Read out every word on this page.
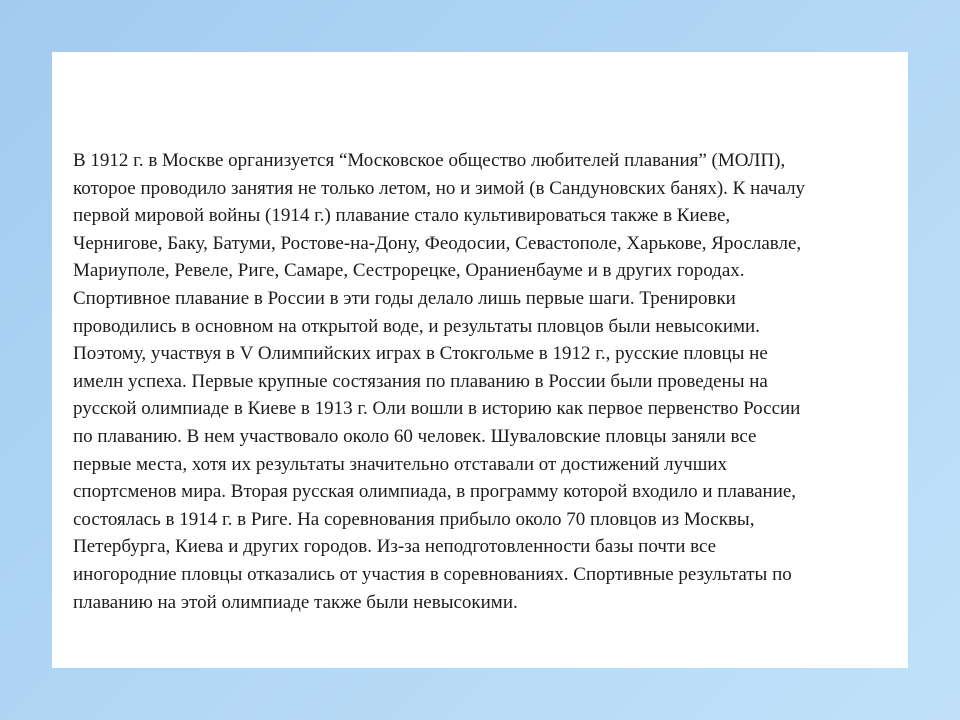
В 1912 г. в Москве организуется “Московское общество любителей плавания” (МОЛП),
которое проводило занятия не только летом, но и зимой (в Сандуновских банях). К началу
первой мировой войны (1914 г.) плавание стало культивироваться также в Киеве,
Чернигове, Баку, Батуми, Ростове-на-Дону, Феодосии, Севастополе, Харькове, Ярославле,
Мариуполе, Ревеле, Риге, Самаре, Сестрорецке, Ораниенбауме и в других городах.
Спортивное плавание в России в эти годы делало лишь первые шаги. Тренировки
проводились в основном на открытой воде, и результаты пловцов были невысокими.
Поэтому, участвуя в V Олимпийских играх в Стокгольме в 1912 г., русские пловцы не
имелн успеха. Первые крупные состязания по плаванию в России были проведены на
русской олимпиаде в Киеве в 1913 г. Оли вошли в историю как первое первенство России
по плаванию. В нем участвовало около 60 человек. Шуваловские пловцы заняли все
первые места, хотя их результаты значительно отставали от достижений лучших
спортсменов мира. Вторая русская олимпиада, в программу которой входило и плавание,
состоялась в 1914 г. в Риге. На соревнования прибыло около 70 пловцов из Москвы,
Петербурга, Киева и других городов. Из-за неподготовленности базы почти все
иногородние пловцы отказались от участия в соревнованиях. Спортивные результаты по
плаванию на этой олимпиаде также были невысокими.
